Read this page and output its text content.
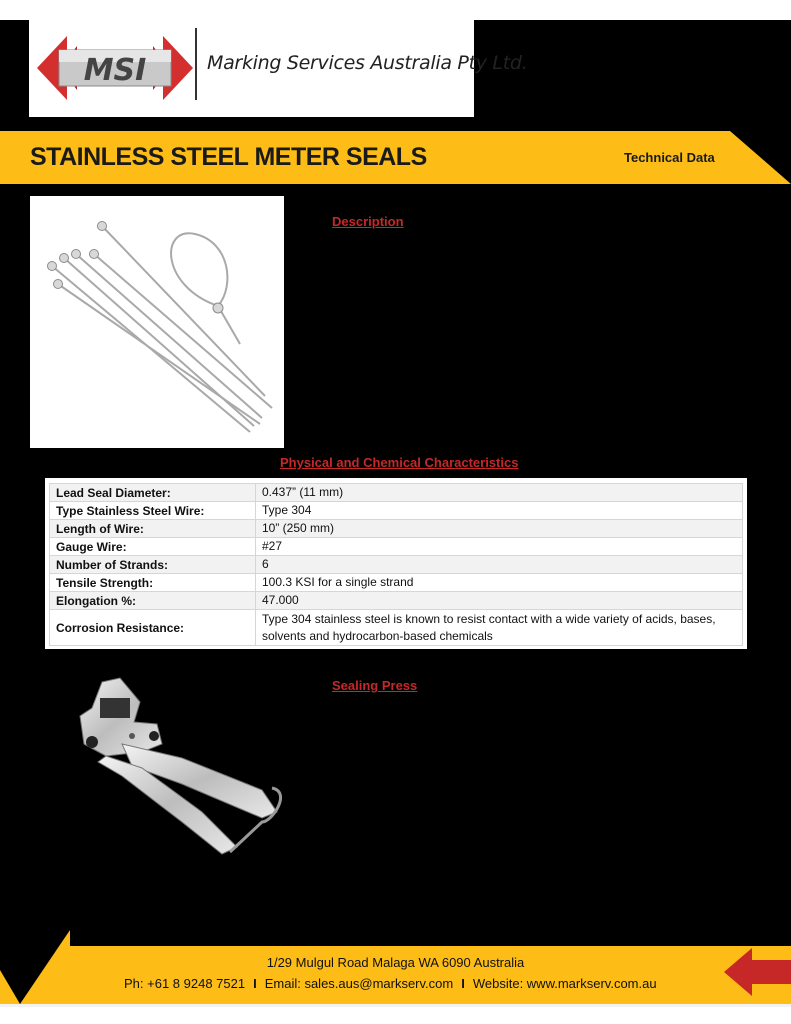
MSI	Marking Services Australia Pty Ltd.
STAINLESS STEEL METER SEALS	Technical Data
Description
Physical and Chemical Characteristics
Lead Seal Diameter:	0.437” (11 mm)
Type Stainless Steel Wire:	Type 304
Length of Wire:	10” (250 mm)
Gauge Wire:	#27
Number of Strands:	6
Tensile Strength:	100.3 KSI for a single strand
Elongation %:	47.000
Corrosion Resistance:	Type 304 stainless steel is known to resist contact with a wide variety of acids, bases, solvents and hydrocarbon-based chemicals
Sealing Press
1/29 Mulgul Road Malaga WA 6090 Australia
Ph: +61 8 9248 7521 I Email: sales.aus@markserv.com I Website: www.markserv.com.au
